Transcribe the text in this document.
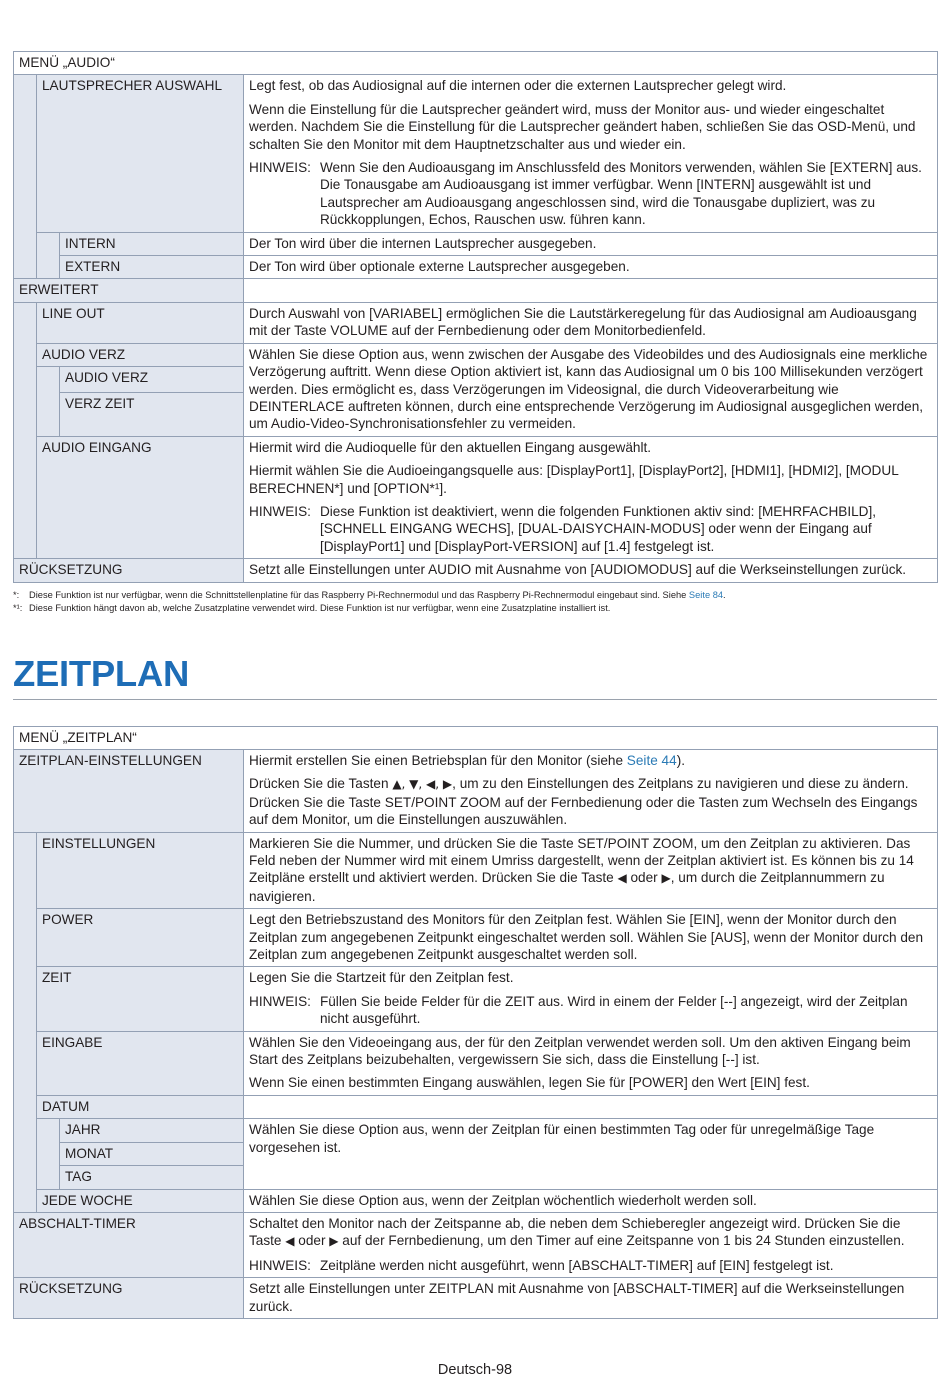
MENÜ „AUDIO“			
	LAUTSPRECHER AUSWAHL		Legt fest, ob das Audiosignal auf die internen oder die externen Lautsprecher gelegt wird.

Wenn die Einstellung für die Lautsprecher geändert wird, muss der Monitor aus- und wieder eingeschaltet werden. Nachdem Sie die Einstellung für die Lautsprecher geändert haben, schließen Sie das OSD-Menü, und schalten Sie den Monitor mit dem Hauptnetzschalter aus und wieder ein.

HINWEIS: Wenn Sie den Audioausgang im Anschlussfeld des Monitors verwenden, wählen Sie [EXTERN] aus. Die Tonausgabe am Audioausgang ist immer verfügbar. Wenn [INTERN] ausgewählt ist und Lautsprecher am Audioausgang angeschlossen sind, wird die Tonausgabe dupliziert, was zu Rückkopplungen, Echos, Rauschen usw. führen kann.

		INTERN	Der Ton wird über die internen Lautsprecher ausgegeben.
		EXTERN	Der Ton wird über optionale externe Lautsprecher ausgegeben.
ERWEITERT			
	LINE OUT		Durch Auswahl von [VARIABEL] ermöglichen Sie die Lautstärkeregelung für das Audiosignal am Audioausgang mit der Taste VOLUME auf der Fernbedienung oder dem Monitorbedienfeld.
	AUDIO VERZ		Wählen Sie diese Option aus, wenn zwischen der Ausgabe des Videobildes und des Audiosignals eine merkliche Verzögerung auftritt. Wenn diese Option aktiviert ist, kann das Audiosignal um 0 bis 100 Millisekunden verzögert werden. Dies ermöglicht es, dass Verzögerungen im Videosignal, die durch Videoverarbeitung wie DEINTERLACE auftreten können, durch eine entsprechende Verzögerung im Audiosignal ausgeglichen werden, um Audio-Video-Synchronisationsfehler zu vermeiden.
		AUDIO VERZ	
		VERZ ZEIT	
	AUDIO EINGANG		Hiermit wird die Audioquelle für den aktuellen Eingang ausgewählt.

Hiermit wählen Sie die Audioeingangsquelle aus: [DisplayPort1], [DisplayPort2], [HDMI1], [HDMI2], [MODUL BERECHNEN*] und [OPTION*¹].

HINWEIS: Diese Funktion ist deaktiviert, wenn die folgenden Funktionen aktiv sind: [MEHRFACHBILD], [SCHNELL EINGANG WECHS], [DUAL-DAISYCHAIN-MODUS] oder wenn der Eingang auf [DisplayPort1] und [DisplayPort-VERSION] auf [1.4] festgelegt ist.

RÜCKSETZUNG			Setzt alle Einstellungen unter AUDIO mit Ausnahme von [AUDIOMODUS] auf die Werkseinstellungen zurück.
*:	Diese Funktion ist nur verfügbar, wenn die Schnittstellenplatine für das Raspberry Pi-Rechnermodul und das Raspberry Pi-Rechnermodul eingebaut sind. Siehe Seite 84.
*¹: Diese Funktion hängt davon ab, welche Zusatzplatine verwendet wird. Diese Funktion ist nur verfügbar, wenn eine Zusatzplatine installiert ist.
ZEITPLAN
MENÜ „ZEITPLAN“			
ZEITPLAN-EINSTELLUNGEN			Hiermit erstellen Sie einen Betriebsplan für den Monitor (siehe Seite 44).

Drücken Sie die Tasten ▲, ▼, ◀, ▶, um zu den Einstellungen des Zeitplans zu navigieren und diese zu ändern. Drücken Sie die Taste SET/POINT ZOOM auf der Fernbedienung oder die Tasten zum Wechseln des Eingangs auf dem Monitor, um die Einstellungen auszuwählen.

	EINSTELLUNGEN		Markieren Sie die Nummer, und drücken Sie die Taste SET/POINT ZOOM, um den Zeitplan zu aktivieren. Das Feld neben der Nummer wird mit einem Umriss dargestellt, wenn der Zeitplan aktiviert ist. Es können bis zu 14 Zeitpläne erstellt und aktiviert werden. Drücken Sie die Taste ◀ oder ▶, um durch die Zeitplannummern zu navigieren.
	POWER		Legt den Betriebszustand des Monitors für den Zeitplan fest. Wählen Sie [EIN], wenn der Monitor durch den Zeitplan zum angegebenen Zeitpunkt eingeschaltet werden soll. Wählen Sie [AUS], wenn der Monitor durch den Zeitplan zum angegebenen Zeitpunkt ausgeschaltet werden soll.
	ZEIT		Legen Sie die Startzeit für den Zeitplan fest.

HINWEIS: Füllen Sie beide Felder für die ZEIT aus. Wird in einem der Felder [--] angezeigt, wird der Zeitplan nicht ausgeführt.

	EINGABE		Wählen Sie den Videoeingang aus, der für den Zeitplan verwendet werden soll. Um den aktiven Eingang beim Start des Zeitplans beizubehalten, vergewissern Sie sich, dass die Einstellung [--] ist.

Wenn Sie einen bestimmten Eingang auswählen, legen Sie für [POWER] den Wert [EIN] fest.

	DATUM		
		JAHR	Wählen Sie diese Option aus, wenn der Zeitplan für einen bestimmten Tag oder für unregelmäßige Tage vorgesehen ist.
		MONAT	
		TAG	
	JEDE WOCHE		Wählen Sie diese Option aus, wenn der Zeitplan wöchentlich wiederholt werden soll.
ABSCHALT-TIMER			Schaltet den Monitor nach der Zeitspanne ab, die neben dem Schieberegler angezeigt wird. Drücken Sie die Taste ◀ oder ▶ auf der Fernbedienung, um den Timer auf eine Zeitspanne von 1 bis 24 Stunden einzustellen.

HINWEIS: Zeitpläne werden nicht ausgeführt, wenn [ABSCHALT-TIMER] auf [EIN] festgelegt ist.

RÜCKSETZUNG			Setzt alle Einstellungen unter ZEITPLAN mit Ausnahme von [ABSCHALT-TIMER] auf die Werkseinstellungen zurück.
Deutsch-98
